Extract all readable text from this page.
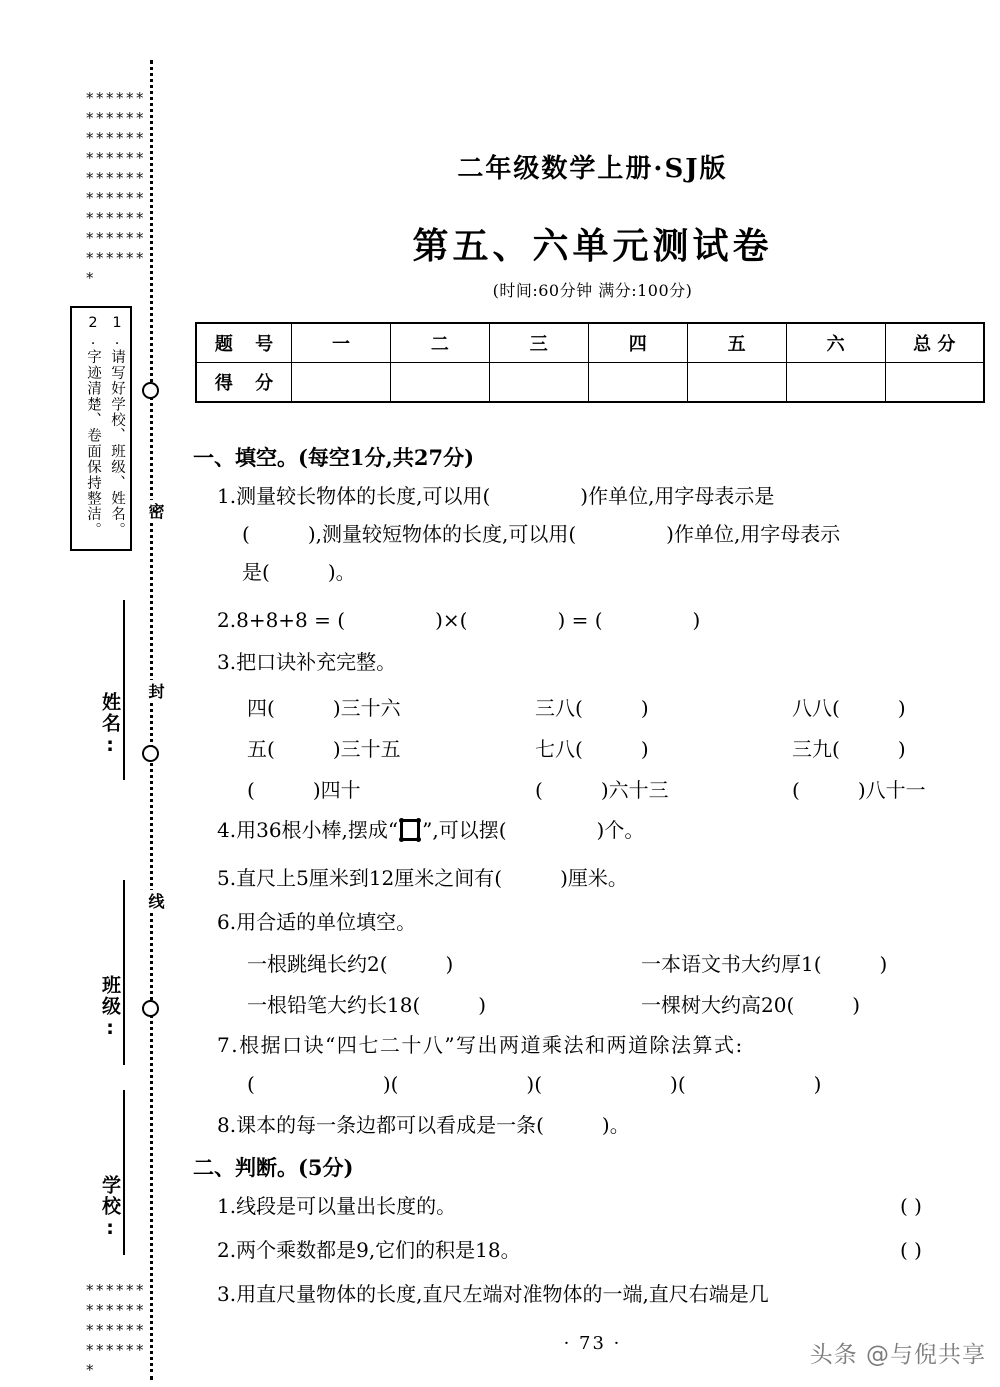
*******************************************************
*************************
1.请写好学校、班级、姓名。
2.字迹清楚、卷面保持整洁。
封
密
线
姓名:
班级:
学校:
二年级数学上册·SJ版
第五、六单元测试卷
(时间:60分钟 满分:100分)
题 号	一	二	三	四	五	六	总 分
得 分							
一、填空。(每空1分,共27分)
1.测量较长物体的长度,可以用(	)作单位,用字母表示是
(	),测量较短物体的长度,可以用(	)作单位,用字母表示
是(	)。
2.8+8+8 = (	)×(	) = (	)
3.把口诀补充完整。
四(	)三十六	三八(	)	八八(	)
五(	)三十五	七八(	)	三九(	)
(	)四十	(	)六十三	(	)八十一
4.用36根小棒,摆成“ ”,可以摆(	)个。
5.直尺上5厘米到12厘米之间有(	)厘米。
6.用合适的单位填空。
一根跳绳长约2(	)	一本语文书大约厚1(	)
一根铅笔大约长18(	)	一棵树大约高20(	)
7.根据口诀“四七二十八”写出两道乘法和两道除法算式:
(	)(	)(	)(	)
8.课本的每一条边都可以看成是一条(	)。
二、判断。(5分)
1.线段是可以量出长度的。	( )
2.两个乘数都是9,它们的积是18。	( )
3.用直尺量物体的长度,直尺左端对准物体的一端,直尺右端是几
· 73 ·	头条 @与倪共享
